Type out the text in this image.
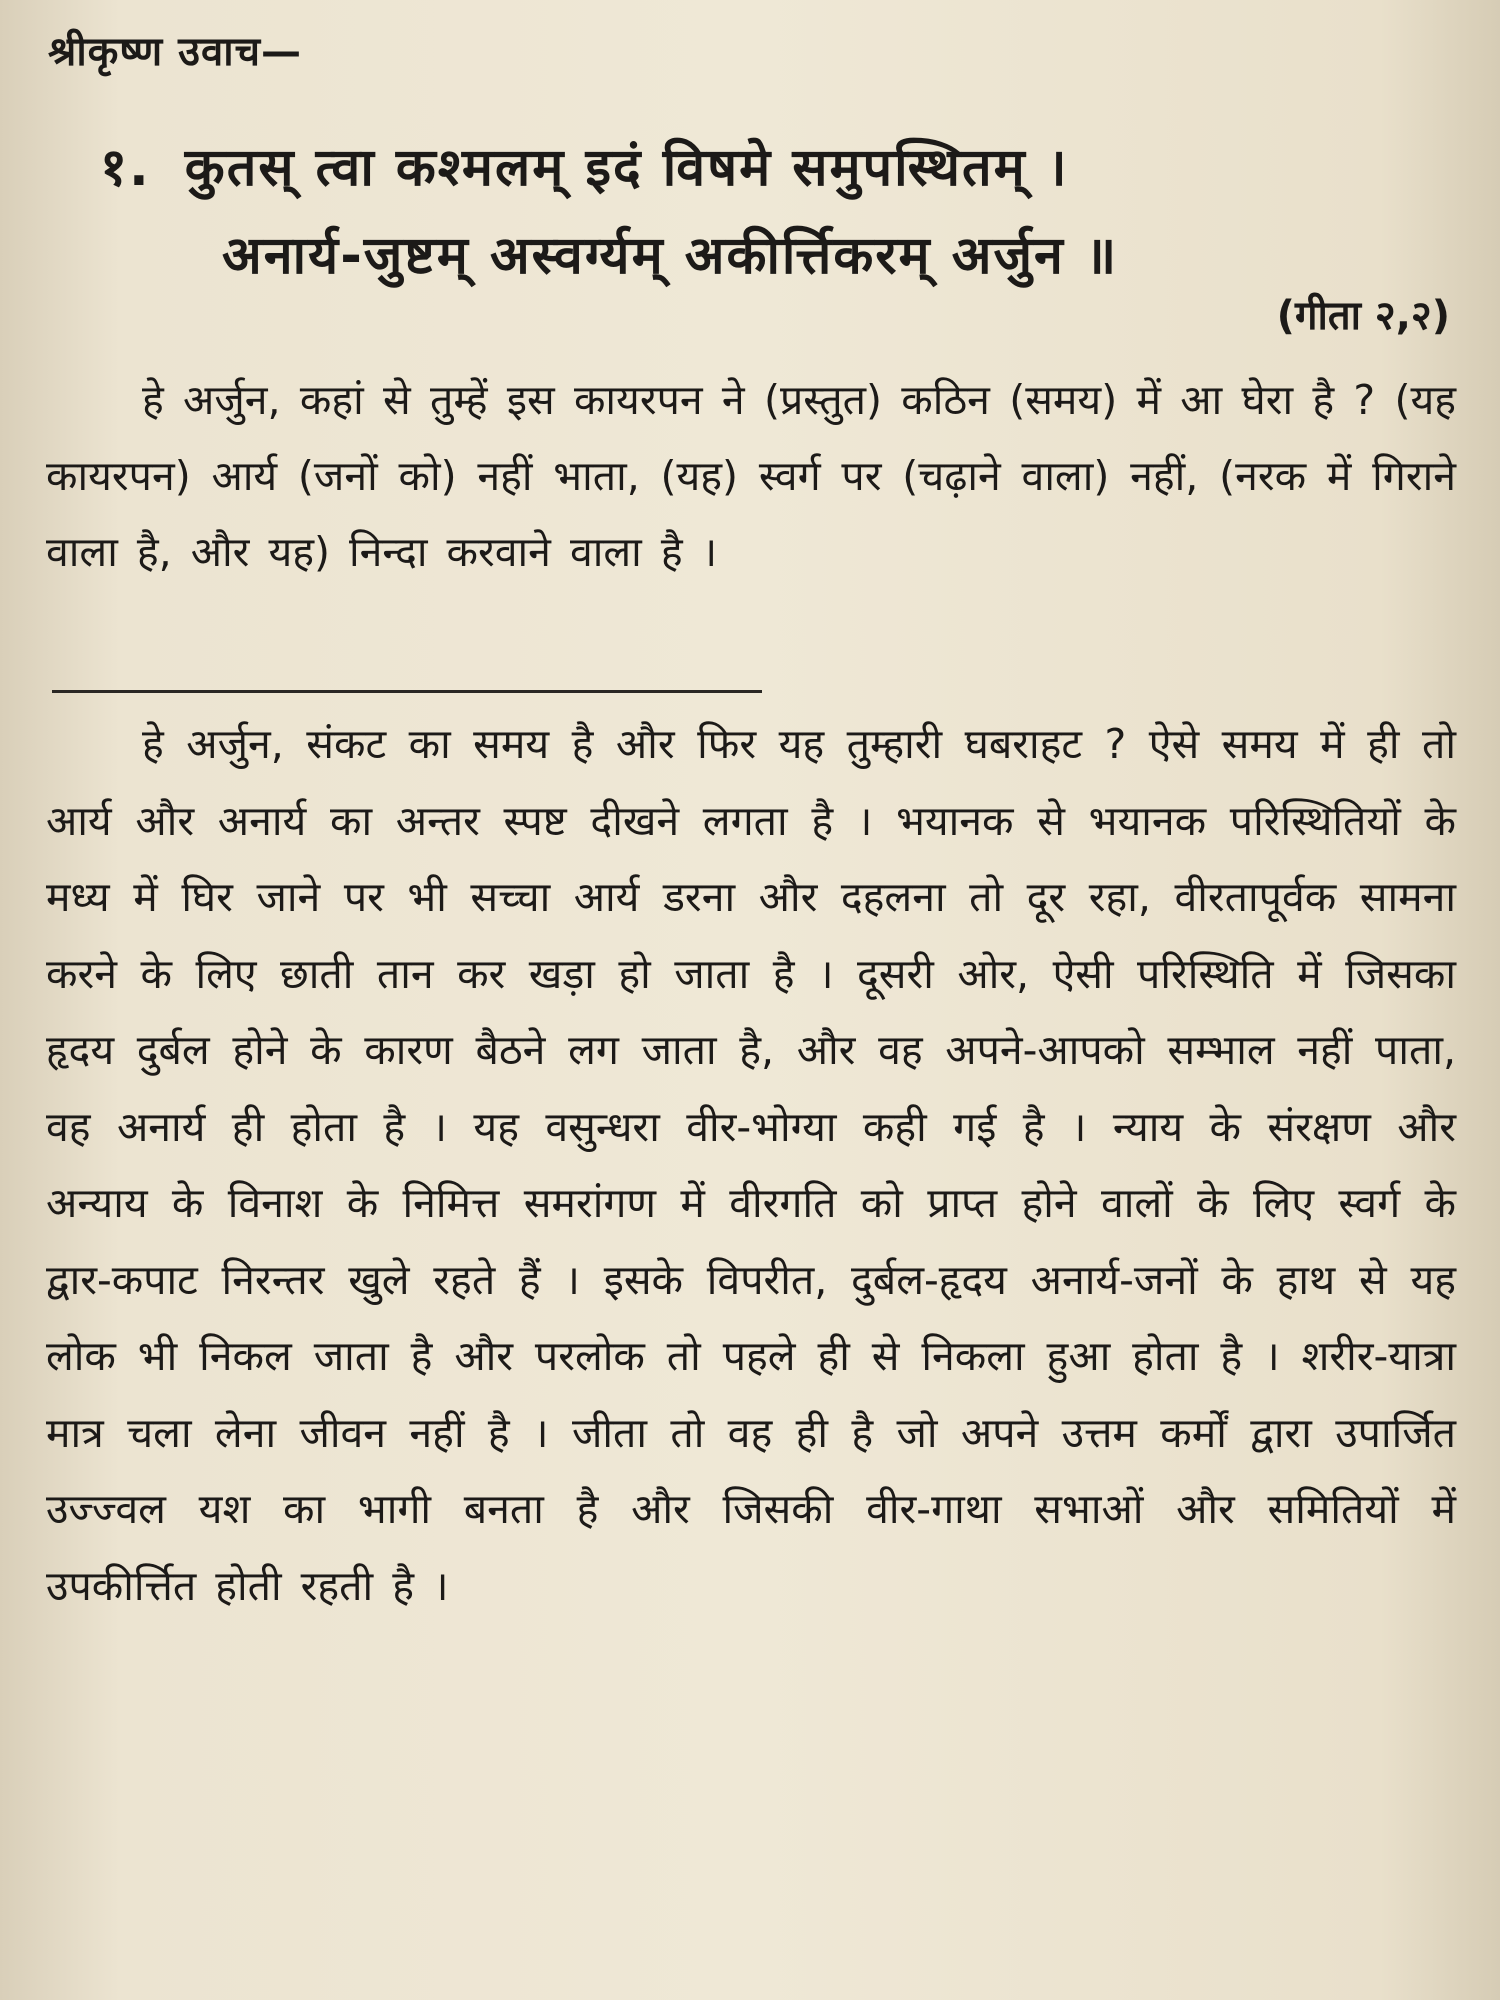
श्रीकृष्ण उवाच—
१. कुतस् त्वा कश्मलम् इदं विषमे समुपस्थितम् ।
अनार्य-जुष्टम् अस्वर्ग्यम् अकीर्त्तिकरम् अर्जुन ॥
(गीता २,२)

हे अर्जुन, कहां से तुम्हें इस कायरपन ने (प्रस्तुत) कठिन (समय) में आ घेरा है ? (यह कायरपन) आर्य (जनों को) नहीं भाता, (यह) स्वर्ग पर (चढ़ाने वाला) नहीं, (नरक में गिराने वाला है, और यह) निन्दा करवाने वाला है ।

हे अर्जुन, संकट का समय है और फिर यह तुम्हारी घबराहट ? ऐसे समय में ही तो आर्य और अनार्य का अन्तर स्पष्ट दीखने लगता है । भयानक से भयानक परिस्थितियों के मध्य में घिर जाने पर भी सच्चा आर्य डरना और दहलना तो दूर रहा, वीरतापूर्वक सामना करने के लिए छाती तान कर खड़ा हो जाता है । दूसरी ओर, ऐसी परिस्थिति में जिसका हृदय दुर्बल होने के कारण बैठने लग जाता है, और वह अपने-आपको सम्भाल नहीं पाता, वह अनार्य ही होता है । यह वसुन्धरा वीर-भोग्या कही गई है । न्याय के संरक्षण और अन्याय के विनाश के निमित्त समरांगण में वीरगति को प्राप्त होने वालों के लिए स्वर्ग के द्वार-कपाट निरन्तर खुले रहते हैं । इसके विपरीत, दुर्बल-हृदय अनार्य-जनों के हाथ से यह लोक भी निकल जाता है और परलोक तो पहले ही से निकला हुआ होता है । शरीर-यात्रा मात्र चला लेना जीवन नहीं है । जीता तो वह ही है जो अपने उत्तम कर्मों द्वारा उपार्जित उज्ज्वल यश का भागी बनता है और जिसकी वीर-गाथा सभाओं और समितियों में उपकीर्त्तित होती रहती है ।
